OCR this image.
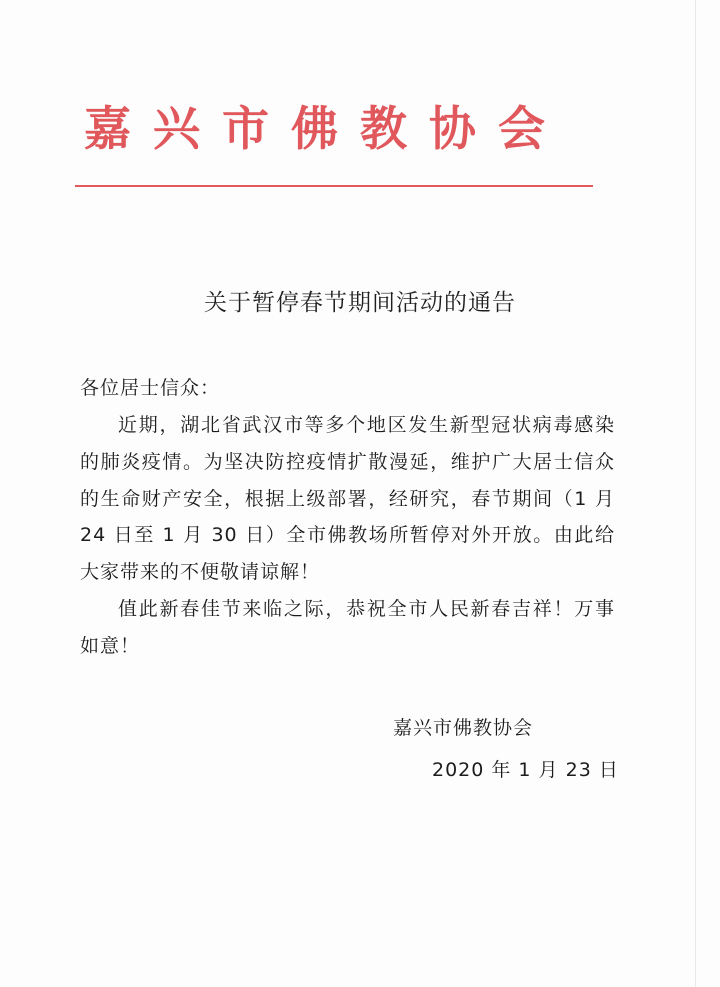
嘉兴市佛教协会
关于暂停春节期间活动的通告
各位居士信众：

近期，湖北省武汉市等多个地区发生新型冠状病毒感染的肺炎疫情。为坚决防控疫情扩散漫延，维护广大居士信众的生命财产安全，根据上级部署，经研究，春节期间（1 月 24 日至 1 月 30 日）全市佛教场所暂停对外开放。由此给大家带来的不便敬请谅解！

值此新春佳节来临之际，恭祝全市人民新春吉祥！万事如意！

嘉兴市佛教协会
2020 年 1 月 23 日
